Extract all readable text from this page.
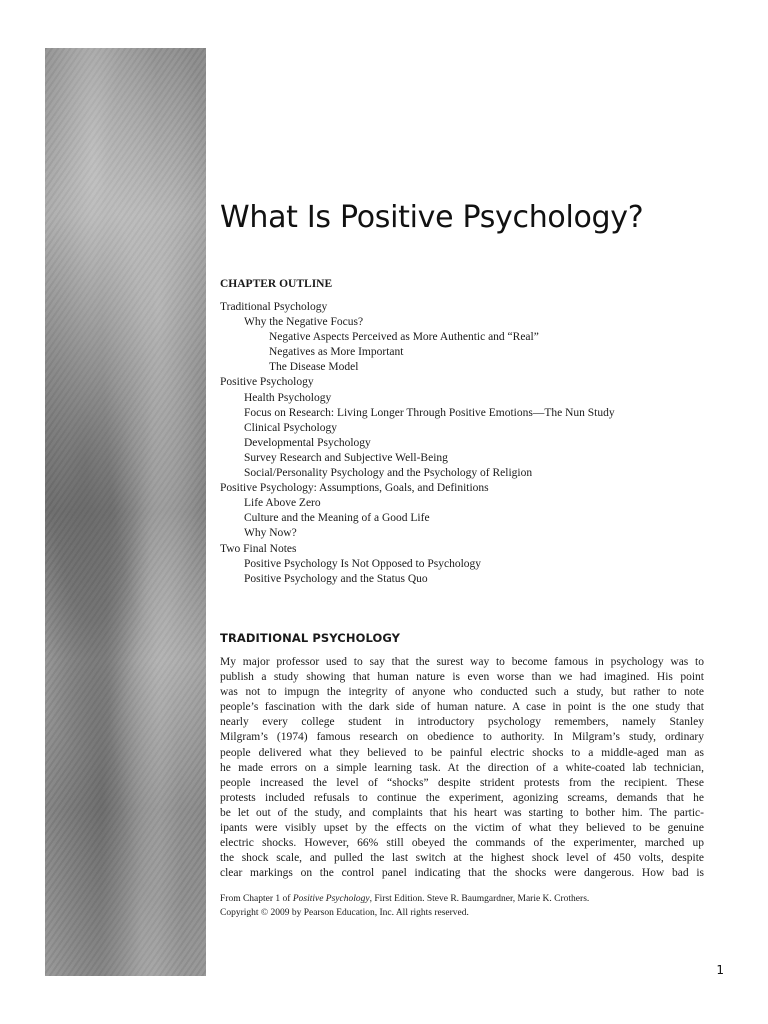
What Is Positive Psychology?
CHAPTER OUTLINE
Traditional Psychology
Why the Negative Focus?
Negative Aspects Perceived as More Authentic and “Real”
Negatives as More Important
The Disease Model
Positive Psychology
Health Psychology
Focus on Research: Living Longer Through Positive Emotions—The Nun Study
Clinical Psychology
Developmental Psychology
Survey Research and Subjective Well-Being
Social/Personality Psychology and the Psychology of Religion
Positive Psychology: Assumptions, Goals, and Definitions
Life Above Zero
Culture and the Meaning of a Good Life
Why Now?
Two Final Notes
Positive Psychology Is Not Opposed to Psychology
Positive Psychology and the Status Quo
TRADITIONAL PSYCHOLOGY

My major professor used to say that the surest way to become famous in psychology was to
publish a study showing that human nature is even worse than we had imagined. His point
was not to impugn the integrity of anyone who conducted such a study, but rather to note
people’s fascination with the dark side of human nature. A case in point is the one study that
nearly every college student in introductory psychology remembers, namely Stanley
Milgram’s (1974) famous research on obedience to authority. In Milgram’s study, ordinary
people delivered what they believed to be painful electric shocks to a middle-aged man as
he made errors on a simple learning task. At the direction of a white-coated lab technician,
people increased the level of “shocks” despite strident protests from the recipient. These
protests included refusals to continue the experiment, agonizing screams, demands that he
be let out of the study, and complaints that his heart was starting to bother him. The partic-
ipants were visibly upset by the effects on the victim of what they believed to be genuine
electric shocks. However, 66% still obeyed the commands of the experimenter, marched up
the shock scale, and pulled the last switch at the highest shock level of 450 volts, despite
clear markings on the control panel indicating that the shocks were dangerous. How bad is

From Chapter 1 of Positive Psychology, First Edition. Steve R. Baumgardner, Marie K. Crothers.
Copyright © 2009 by Pearson Education, Inc. All rights reserved.

1
